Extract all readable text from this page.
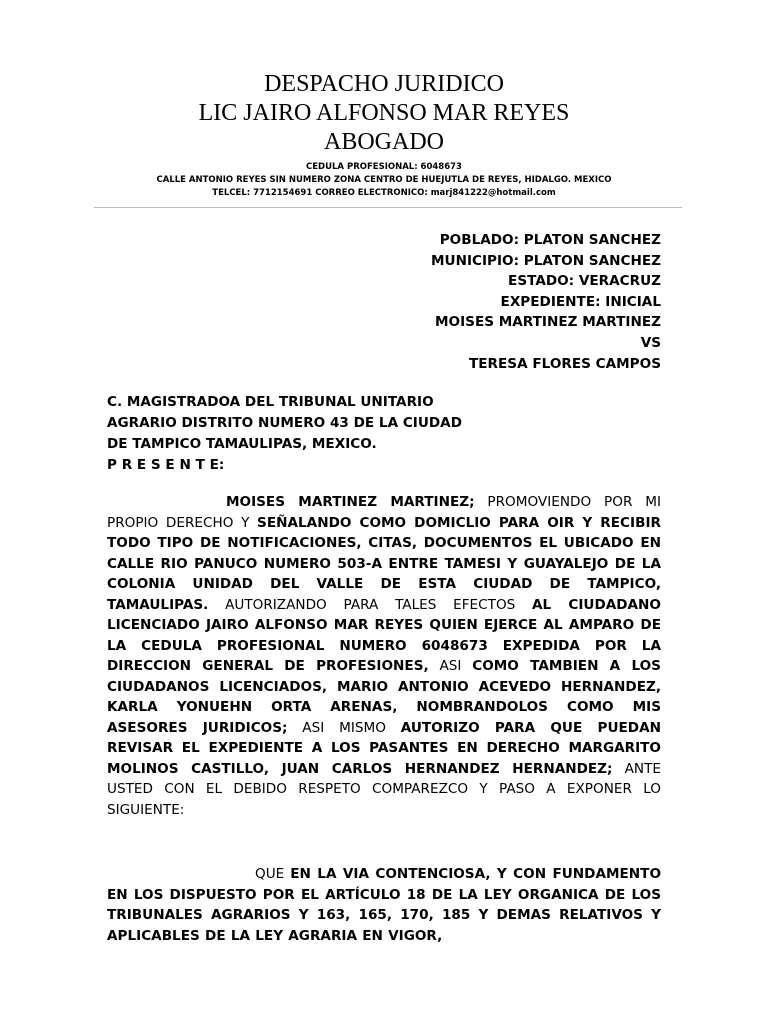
DESPACHO JURIDICO

LIC JAIRO ALFONSO MAR REYES

ABOGADO

CEDULA PROFESIONAL: 6048673

CALLE ANTONIO REYES SIN NUMERO ZONA CENTRO DE HUEJUTLA DE REYES, HIDALGO. MEXICO

TELCEL: 7712154691 CORREO ELECTRONICO: marj841222@hotmail.com

POBLADO: PLATON SANCHEZ
MUNICIPIO: PLATON SANCHEZ
ESTADO: VERACRUZ
EXPEDIENTE: INICIAL
MOISES MARTINEZ MARTINEZ
VS
TERESA FLORES CAMPOS
C. MAGISTRADOA DEL TRIBUNAL UNITARIO
AGRARIO DISTRITO NUMERO 43 DE LA CIUDAD
DE TAMPICO TAMAULIPAS, MEXICO.
P R E S E N T E:
MOISES MARTINEZ MARTINEZ; PROMOVIENDO POR MI PROPIO DERECHO Y SEÑALANDO COMO DOMICLIO PARA OIR Y RECIBIR TODO TIPO DE NOTIFICACIONES, CITAS, DOCUMENTOS EL UBICADO EN CALLE RIO PANUCO NUMERO 503-A ENTRE TAMESI Y GUAYALEJO DE LA COLONIA UNIDAD DEL VALLE DE ESTA CIUDAD DE TAMPICO, TAMAULIPAS. AUTORIZANDO PARA TALES EFECTOS AL CIUDADANO LICENCIADO JAIRO ALFONSO MAR REYES QUIEN EJERCE AL AMPARO DE LA CEDULA PROFESIONAL NUMERO 6048673 EXPEDIDA POR LA DIRECCION GENERAL DE PROFESIONES, ASI COMO TAMBIEN A LOS CIUDADANOS LICENCIADOS, MARIO ANTONIO ACEVEDO HERNANDEZ, KARLA YONUEHN ORTA ARENAS, NOMBRANDOLOS COMO MIS ASESORES JURIDICOS; ASI MISMO AUTORIZO PARA QUE PUEDAN REVISAR EL EXPEDIENTE A LOS PASANTES EN DERECHO MARGARITO MOLINOS CASTILLO, JUAN CARLOS HERNANDEZ HERNANDEZ; ANTE USTED CON EL DEBIDO RESPETO COMPAREZCO Y PASO A EXPONER LO SIGUIENTE:
QUE EN LA VIA CONTENCIOSA, Y CON FUNDAMENTO EN LOS DISPUESTO POR EL ARTÍCULO 18 DE LA LEY ORGANICA DE LOS TRIBUNALES AGRARIOS Y 163, 165, 170, 185 Y DEMAS RELATIVOS Y APLICABLES DE LA LEY AGRARIA EN VIGOR,
